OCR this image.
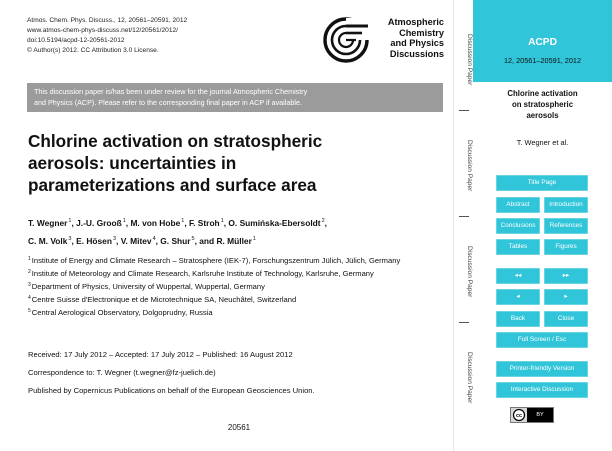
Atmos. Chem. Phys. Discuss., 12, 20561–20591, 2012
www.atmos-chem-phys-discuss.net/12/20561/2012/
doi:10.5194/acpd-12-20561-2012
© Author(s) 2012. CC Attribution 3.0 License.
Atmospheric
Chemistry
and Physics
Discussions
This discussion paper is/has been under review for the journal Atmospheric Chemistry
and Physics (ACP). Please refer to the corresponding final paper in ACP if available.
Chlorine activation on stratospheric
aerosols: uncertainties in
parameterizations and surface area
T. Wegner$^1$, J.-U. Grooß$^1$, M. von Hobe$^1$, F. Stroh$^1$, O. Sumińska-Ebersoldt$^2$,
C. M. Volk$^3$, E. Hösen$^3$, V. Mitev$^4$, G. Shur$^5$, and R. Müller$^1$
$^1$Institute of Energy and Climate Research – Stratosphere (IEK-7), Forschungszentrum Jülich, Jülich, Germany
$^2$Institute of Meteorology and Climate Research, Karlsruhe Institute of Technology, Karlsruhe, Germany
$^3$Department of Physics, University of Wuppertal, Wuppertal, Germany
$^4$Centre Suisse d'Electronique et de Microtechnique SA, Neuchâtel, Switzerland
$^5$Central Aerological Observatory, Dolgoprudny, Russia
Received: 17 July 2012 – Accepted: 17 July 2012 – Published: 16 August 2012
Correspondence to: T. Wegner (t.wegner@fz-juelich.de)
Published by Copernicus Publications on behalf of the European Geosciences Union.
20561
Discussion Paper
Discussion Paper
Discussion Paper
Discussion Paper
ACPD
12, 20561–20591, 2012
Chlorine activation
on stratospheric
aerosols
T. Wegner et al.
Title Page
Abstract	Introduction
Conclusions	References
Tables	Figures
◂◂	▸▸
◂	▸
Back	Close
Full Screen / Esc
Printer-friendly Version
Interactive Discussion
cc	BY
